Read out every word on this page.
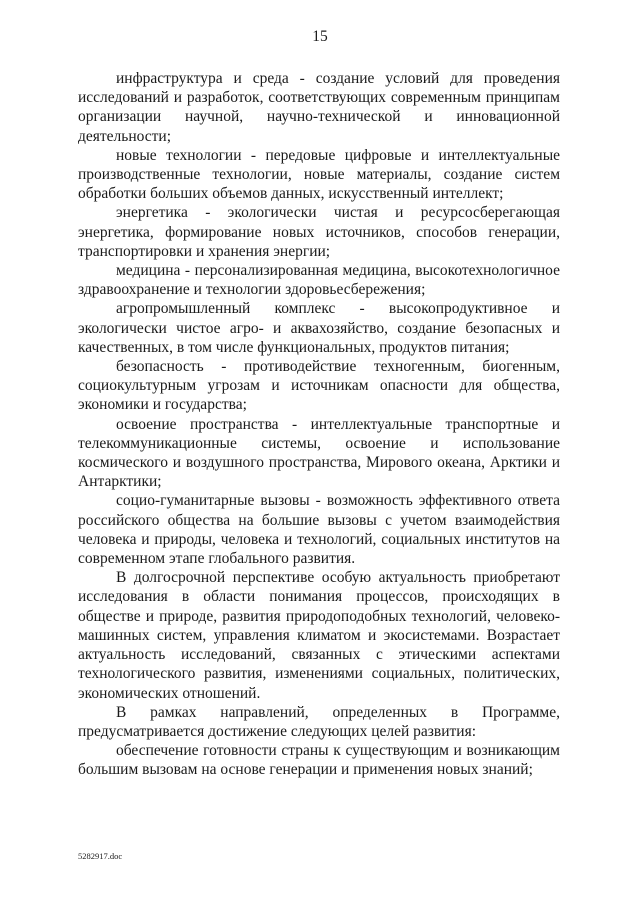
15

инфраструктура и среда - создание условий для проведения исследований и разработок, соответствующих современным принципам организации научной, научно-технической и инновационной деятельности;

новые технологии - передовые цифровые и интеллектуальные производственные технологии, новые материалы, создание систем обработки больших объемов данных, искусственный интеллект;

энергетика - экологически чистая и ресурсосберегающая энергетика, формирование новых источников, способов генерации, транспортировки и хранения энергии;

медицина - персонализированная медицина, высокотехнологичное здравоохранение и технологии здоровьесбережения;

агропромышленный комплекс - высокопродуктивное и экологически чистое агро- и аквахозяйство, создание безопасных и качественных, в том числе функциональных, продуктов питания;

безопасность - противодействие техногенным, биогенным, социокультурным угрозам и источникам опасности для общества, экономики и государства;

освоение пространства - интеллектуальные транспортные и телекоммуникационные системы, освоение и использование космического и воздушного пространства, Мирового океана, Арктики и Антарктики;

социо-гуманитарные вызовы - возможность эффективного ответа российского общества на большие вызовы с учетом взаимодействия человека и природы, человека и технологий, социальных институтов на современном этапе глобального развития.

В долгосрочной перспективе особую актуальность приобретают исследования в области понимания процессов, происходящих в обществе и природе, развития природоподобных технологий, человеко-машинных систем, управления климатом и экосистемами. Возрастает актуальность исследований, связанных с этическими аспектами технологического развития, изменениями социальных, политических, экономических отношений.

В рамках направлений, определенных в Программе, предусматривается достижение следующих целей развития:

обеспечение готовности страны к существующим и возникающим большим вызовам на основе генерации и применения новых знаний;

5282917.doc
